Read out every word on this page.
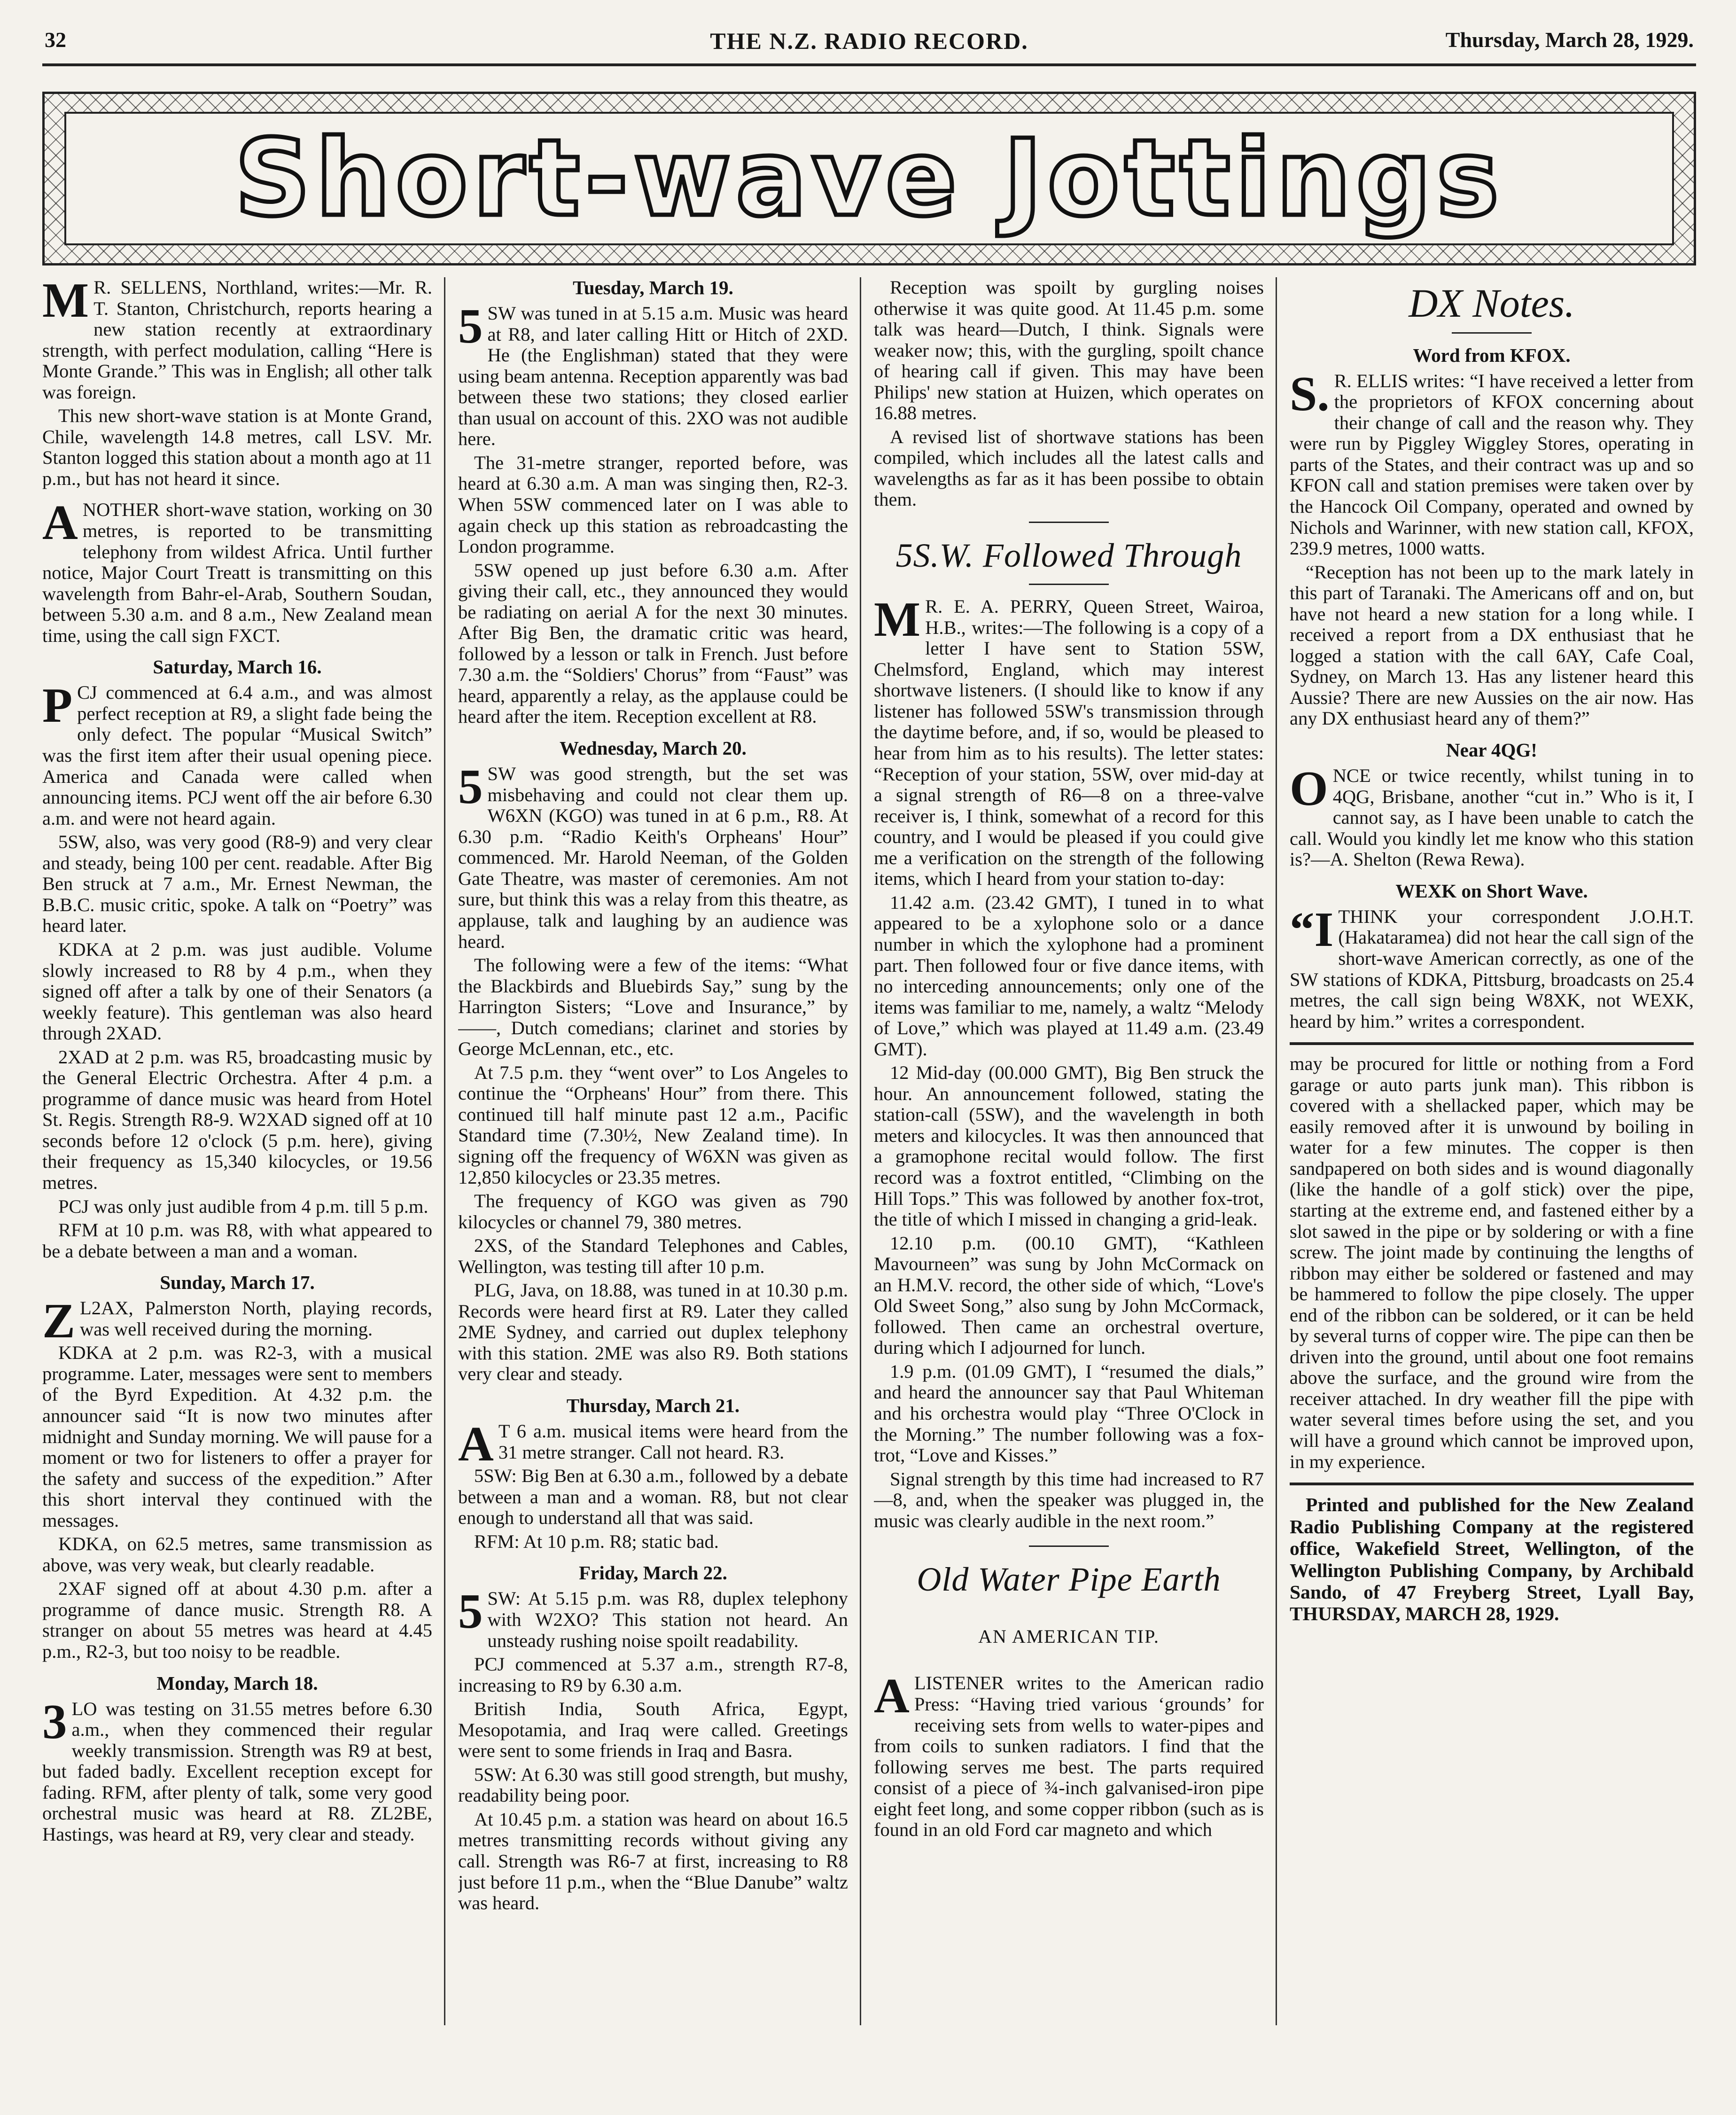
32	THE N.Z. RADIO RECORD.	Thursday, March 28, 1929.
Short-wave Jottings

MR. SELLENS, Northland, writes:—Mr. R. T. Stanton, Christchurch, reports hearing a new station recently at extraordinary strength, with perfect modulation, calling “Here is Monte Grande.” This was in English; all other talk was foreign.

This new short-wave station is at Monte Grand, Chile, wavelength 14.8 metres, call LSV. Mr. Stanton logged this station about a month ago at 11 p.m., but has not heard it since.

ANOTHER short-wave station, working on 30 metres, is reported to be transmitting telephony from wildest Africa. Until further notice, Major Court Treatt is transmitting on this wavelength from Bahr-el-Arab, Southern Soudan, between 5.30 a.m. and 8 a.m., New Zealand mean time, using the call sign FXCT.

Saturday, March 16.

PCJ commenced at 6.4 a.m., and was almost perfect reception at R9, a slight fade being the only defect. The popular “Musical Switch” was the first item after their usual opening piece. America and Canada were called when announcing items. PCJ went off the air before 6.30 a.m. and were not heard again.

5SW, also, was very good (R8-9) and very clear and steady, being 100 per cent. readable. After Big Ben struck at 7 a.m., Mr. Ernest Newman, the B.B.C. music critic, spoke. A talk on “Poetry” was heard later.

KDKA at 2 p.m. was just audible. Volume slowly increased to R8 by 4 p.m., when they signed off after a talk by one of their Senators (a weekly feature). This gentleman was also heard through 2XAD.

2XAD at 2 p.m. was R5, broadcasting music by the General Electric Orchestra. After 4 p.m. a programme of dance music was heard from Hotel St. Regis. Strength R8-9. W2XAD signed off at 10 seconds before 12 o'clock (5 p.m. here), giving their frequency as 15,340 kilocycles, or 19.56 metres.

PCJ was only just audible from 4 p.m. till 5 p.m.

RFM at 10 p.m. was R8, with what appeared to be a debate between a man and a woman.

Sunday, March 17.

ZL2AX, Palmerston North, playing records, was well received during the morning.

KDKA at 2 p.m. was R2-3, with a musical programme. Later, messages were sent to members of the Byrd Expedition. At 4.32 p.m. the announcer said “It is now two minutes after midnight and Sunday morning. We will pause for a moment or two for listeners to offer a prayer for the safety and success of the expedition.” After this short interval they continued with the messages.

KDKA, on 62.5 metres, same transmission as above, was very weak, but clearly readable.

2XAF signed off at about 4.30 p.m. after a programme of dance music. Strength R8. A stranger on about 55 metres was heard at 4.45 p.m., R2-3, but too noisy to be readble.

Monday, March 18.

3LO was testing on 31.55 metres before 6.30 a.m., when they commenced their regular weekly transmission. Strength was R9 at best, but faded badly. Excellent reception except for fading. RFM, after plenty of talk, some very good orchestral music was heard at R8. ZL2BE, Hastings, was heard at R9, very clear and steady.

Tuesday, March 19.

5SW was tuned in at 5.15 a.m. Music was heard at R8, and later calling Hitt or Hitch of 2XD. He (the Englishman) stated that they were using beam antenna. Reception apparently was bad between these two stations; they closed earlier than usual on account of this. 2XO was not audible here.

The 31-metre stranger, reported before, was heard at 6.30 a.m. A man was singing then, R2-3. When 5SW commenced later on I was able to again check up this station as rebroadcasting the London programme.

5SW opened up just before 6.30 a.m. After giving their call, etc., they announced they would be radiating on aerial A for the next 30 minutes. After Big Ben, the dramatic critic was heard, followed by a lesson or talk in French. Just before 7.30 a.m. the “Soldiers' Chorus” from “Faust” was heard, apparently a relay, as the applause could be heard after the item. Reception excellent at R8.

Wednesday, March 20.

5SW was good strength, but the set was misbehaving and could not clear them up. W6XN (KGO) was tuned in at 6 p.m., R8. At 6.30 p.m. “Radio Keith's Orpheans' Hour” commenced. Mr. Harold Neeman, of the Golden Gate Theatre, was master of ceremonies. Am not sure, but think this was a relay from this theatre, as applause, talk and laughing by an audience was heard.

The following were a few of the items: “What the Blackbirds and Bluebirds Say,” sung by the Harrington Sisters; “Love and Insurance,” by ——, Dutch comedians; clarinet and stories by George McLennan, etc., etc.

At 7.5 p.m. they “went over” to Los Angeles to continue the “Orpheans' Hour” from there. This continued till half minute past 12 a.m., Pacific Standard time (7.30½, New Zealand time). In signing off the frequency of W6XN was given as 12,850 kilocycles or 23.35 metres.

The frequency of KGO was given as 790 kilocycles or channel 79, 380 metres.

2XS, of the Standard Telephones and Cables, Wellington, was testing till after 10 p.m.

PLG, Java, on 18.88, was tuned in at 10.30 p.m. Records were heard first at R9. Later they called 2ME Sydney, and carried out duplex telephony with this station. 2ME was also R9. Both stations very clear and steady.

Thursday, March 21.

AT 6 a.m. musical items were heard from the 31 metre stranger. Call not heard. R3.

5SW: Big Ben at 6.30 a.m., followed by a debate between a man and a woman. R8, but not clear enough to understand all that was said.

RFM: At 10 p.m. R8; static bad.

Friday, March 22.

5SW: At 5.15 p.m. was R8, duplex telephony with W2XO? This station not heard. An unsteady rushing noise spoilt readability.

PCJ commenced at 5.37 a.m., strength R7-8, increasing to R9 by 6.30 a.m.

British India, South Africa, Egypt, Mesopotamia, and Iraq were called. Greetings were sent to some friends in Iraq and Basra.

5SW: At 6.30 was still good strength, but mushy, readability being poor.

At 10.45 p.m. a station was heard on about 16.5 metres transmitting records without giving any call. Strength was R6-7 at first, increasing to R8 just before 11 p.m., when the “Blue Danube” waltz was heard.

Reception was spoilt by gurgling noises otherwise it was quite good. At 11.45 p.m. some talk was heard—Dutch, I think. Signals were weaker now; this, with the gurgling, spoilt chance of hearing call if given. This may have been Philips' new station at Huizen, which operates on 16.88 metres.

A revised list of shortwave stations has been compiled, which includes all the latest calls and wavelengths as far as it has been possibe to obtain them.

5S.W. Followed Through

MR. E. A. PERRY, Queen Street, Wairoa, H.B., writes:—The following is a copy of a letter I have sent to Station 5SW, Chelmsford, England, which may interest shortwave listeners. (I should like to know if any listener has followed 5SW's transmission through the daytime before, and, if so, would be pleased to hear from him as to his results). The letter states: “Reception of your station, 5SW, over mid-day at a signal strength of R6—8 on a three-valve receiver is, I think, somewhat of a record for this country, and I would be pleased if you could give me a verification on the strength of the following items, which I heard from your station to-day:

11.42 a.m. (23.42 GMT), I tuned in to what appeared to be a xylophone solo or a dance number in which the xylophone had a prominent part. Then followed four or five dance items, with no interceding announcements; only one of the items was familiar to me, namely, a waltz “Melody of Love,” which was played at 11.49 a.m. (23.49 GMT).

12 Mid-day (00.000 GMT), Big Ben struck the hour. An announcement followed, stating the station-call (5SW), and the wavelength in both meters and kilocycles. It was then announced that a gramophone recital would follow. The first record was a foxtrot entitled, “Climbing on the Hill Tops.” This was followed by another fox-trot, the title of which I missed in changing a grid-leak.

12.10 p.m. (00.10 GMT), “Kathleen Mavourneen” was sung by John McCormack on an H.M.V. record, the other side of which, “Love's Old Sweet Song,” also sung by John McCormack, followed. Then came an orchestral overture, during which I adjourned for lunch.

1.9 p.m. (01.09 GMT), I “resumed the dials,” and heard the announcer say that Paul Whiteman and his orchestra would play “Three O'Clock in the Morning.” The number following was a fox-trot, “Love and Kisses.”

Signal strength by this time had increased to R7—8, and, when the speaker was plugged in, the music was clearly audible in the next room.”

Old Water Pipe Earth
AN AMERICAN TIP.

ALISTENER writes to the American radio Press: “Having tried various ‘grounds’ for receiving sets from wells to water-pipes and from coils to sunken radiators. I find that the following serves me best. The parts required consist of a piece of ¾-inch galvanised-iron pipe eight feet long, and some copper ribbon (such as is found in an old Ford car magneto and which

DX Notes.
Word from KFOX.

S.R. ELLIS writes: “I have received a letter from the proprietors of KFOX concerning about their change of call and the reason why. They were run by Piggley Wiggley Stores, operating in parts of the States, and their contract was up and so KFON call and station premises were taken over by the Hancock Oil Company, operated and owned by Nichols and Warinner, with new station call, KFOX, 239.9 metres, 1000 watts.

“Reception has not been up to the mark lately in this part of Taranaki. The Americans off and on, but have not heard a new station for a long while. I received a report from a DX enthusiast that he logged a station with the call 6AY, Cafe Coal, Sydney, on March 13. Has any listener heard this Aussie? There are new Aussies on the air now. Has any DX enthusiast heard any of them?”

Near 4QG!

ONCE or twice recently, whilst tuning in to 4QG, Brisbane, another “cut in.” Who is it, I cannot say, as I have been unable to catch the call. Would you kindly let me know who this station is?—A. Shelton (Rewa Rewa).

WEXK on Short Wave.

“ITHINK your correspondent J.O.H.T. (Hakataramea) did not hear the call sign of the short-wave American correctly, as one of the SW stations of KDKA, Pittsburg, broadcasts on 25.4 metres, the call sign being W8XK, not WEXK, heard by him.” writes a correspondent.

may be procured for little or nothing from a Ford garage or auto parts junk man). This ribbon is covered with a shellacked paper, which may be easily removed after it is unwound by boiling in water for a few minutes. The copper is then sandpapered on both sides and is wound diagonally (like the handle of a golf stick) over the pipe, starting at the extreme end, and fastened either by a slot sawed in the pipe or by soldering or with a fine screw. The joint made by continuing the lengths of ribbon may either be soldered or fastened and may be hammered to follow the pipe closely. The upper end of the ribbon can be soldered, or it can be held by several turns of copper wire. The pipe can then be driven into the ground, until about one foot remains above the surface, and the ground wire from the receiver attached. In dry weather fill the pipe with water several times before using the set, and you will have a ground which cannot be improved upon, in my experience.

Printed and published for the New Zealand Radio Publishing Company at the registered office, Wakefield Street, Wellington, of the Wellington Publishing Company, by Archibald Sando, of 47 Freyberg Street, Lyall Bay, THURSDAY, MARCH 28, 1929.
